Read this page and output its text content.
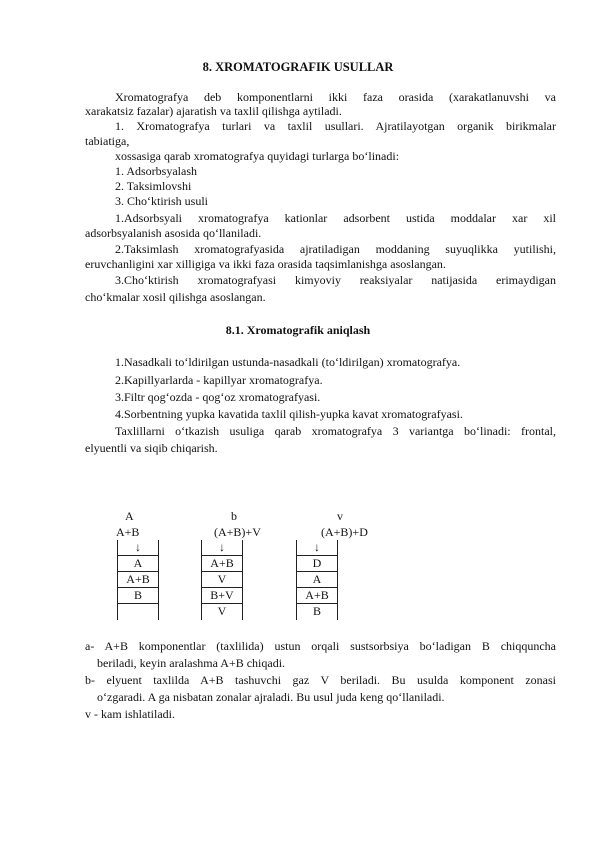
8. XROMATOGRAFIK USULLAR
Xromatografya deb komponentlarni ikki faza orasida (xarakatlanuvshi va
xarakatsiz fazalar) ajaratish va taxlil qilishga aytiladi.
1. Xromatografya turlari va taxlil usullari. Ajratilayotgan organik birikmalar
tabiatiga,
xossasiga qarab xromatografya quyidagi turlarga bo‘linadi:
1. Adsorbsyalash
2. Taksimlovshi
3. Cho‘ktirish usuli
1.Adsorbsyali xromatografya kationlar adsorbent ustida moddalar xar xil
adsorbsyalanish asosida qo‘llaniladi.
2.Taksimlash xromatografyasida ajratiladigan moddaning suyuqlikka yutilishi,
eruvchanligini xar xilligiga va ikki faza orasida taqsimlanishga asoslangan.
3.Cho‘ktirish xromatografyasi kimyoviy reaksiyalar natijasida erimaydigan
cho‘kmalar xosil qilishga asoslangan.
8.1. Xromatografik aniqlash
1.Nasadkali to‘ldirilgan ustunda-nasadkali (to‘ldirilgan) xromatografya.
2.Kapillyarlarda - kapillyar xromatografya.
3.Filtr qog‘ozda - qog‘oz xromatografyasi.
4.Sorbentning yupka kavatida taxlil qilish-yupka kavat xromatografyasi.
Taxlillarni o‘tkazish usuliga qarab xromatografya 3 variantga bo‘linadi: frontal,
elyuentli va siqib chiqarish.
A
A+B
↓
A
A+B
B
b
(A+B)+V
↓
A+B
V
B+V
V
v
(A+B)+D
↓
D
A
A+B
B
a- A+B komponentlar (taxlilida) ustun orqali sustsorbsiya bo‘ladigan B chiqquncha
beriladi, keyin aralashma A+B chiqadi.
b- elyuent taxlilda A+B tashuvchi gaz V beriladi. Bu usulda komponent zonasi
o‘zgaradi. A ga nisbatan zonalar ajraladi. Bu usul juda keng qo‘llaniladi.
v - kam ishlatiladi.
